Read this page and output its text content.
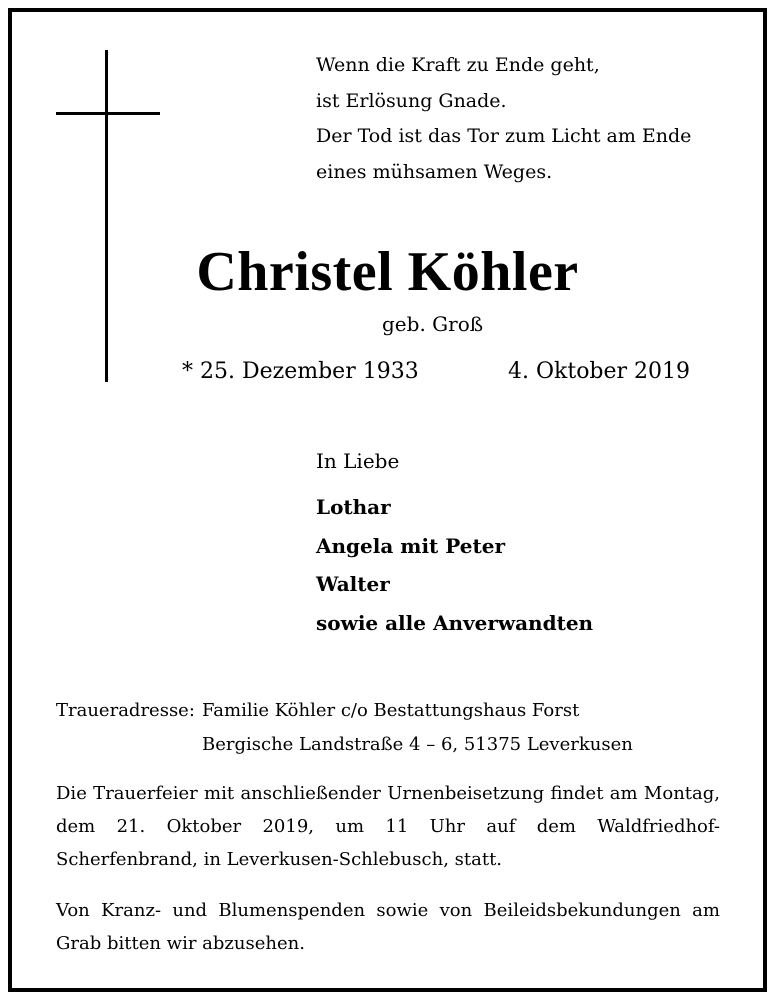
Wenn die Kraft zu Ende geht,
ist Erlösung Gnade.
Der Tod ist das Tor zum Licht am Ende
eines mühsamen Weges.
Christel Köhler
geb. Groß
* 25. Dezember 1933	4. Oktober 2019
In Liebe
Lothar
Angela mit Peter
Walter
sowie alle Anverwandten
Traueradresse: Familie Köhler c/o Bestattungshaus Forst
Bergische Landstraße 4 – 6, 51375 Leverkusen
Die Trauerfeier mit anschließender Urnenbeisetzung findet am Montag, dem 21. Oktober 2019, um 11 Uhr auf dem Waldfriedhof-Scherfenbrand, in Leverkusen-Schlebusch, statt.
Von Kranz- und Blumenspenden sowie von Beileidsbekundungen am Grab bitten wir abzusehen.
